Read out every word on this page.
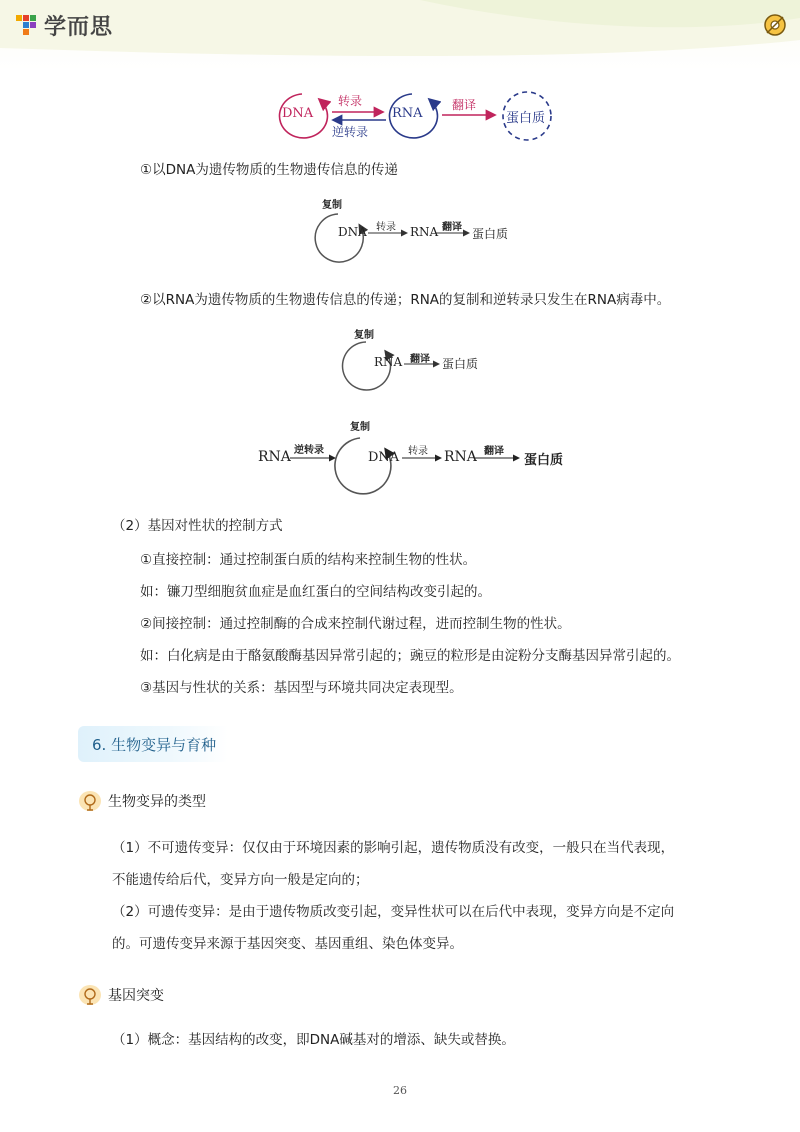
学而思
DNA	RNA	蛋白质
转录
逆转录
翻译
①以DNA为遗传物质的生物遗传信息的传递
复制
DNA 转录 RNA 翻译 蛋白质
②以RNA为遗传物质的生物遗传信息的传递；RNA的复制和逆转录只发生在RNA病毒中。
复制
RNA 翻译 蛋白质
RNA 逆转录
复制
DNA 转录 RNA 翻译
蛋白质
（2）基因对性状的控制方式
①直接控制：通过控制蛋白质的结构来控制生物的性状。
如：镰刀型细胞贫血症是血红蛋白的空间结构改变引起的。
②间接控制：通过控制酶的合成来控制代谢过程，进而控制生物的性状。
如：白化病是由于酪氨酸酶基因异常引起的；豌豆的粒形是由淀粉分支酶基因异常引起的。
③基因与性状的关系：基因型与环境共同决定表现型。
6. 生物变异与育种
生物变异的类型
（1）不可遗传变异：仅仅由于环境因素的影响引起，遗传物质没有改变，一般只在当代表现，
不能遗传给后代，变异方向一般是定向的；
（2）可遗传变异：是由于遗传物质改变引起，变异性状可以在后代中表现，变异方向是不定向
的。可遗传变异来源于基因突变、基因重组、染色体变异。
基因突变
（1）概念：基因结构的改变，即DNA碱基对的增添、缺失或替换。
26
